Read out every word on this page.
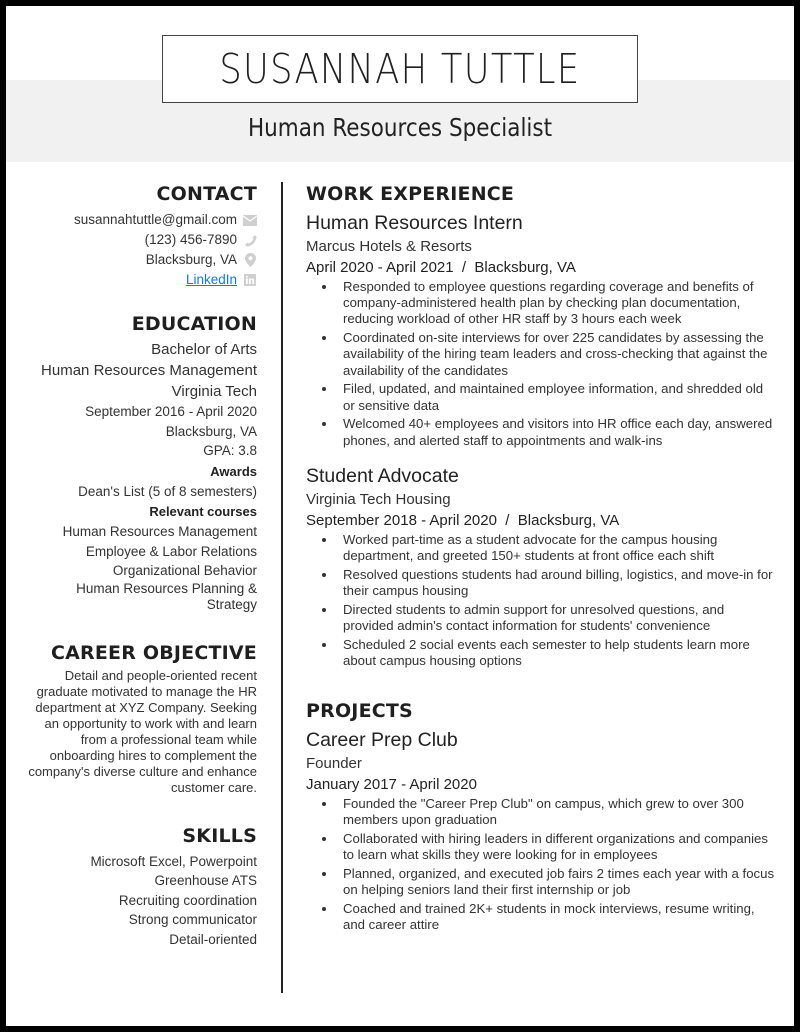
SUSANNAH TUTTLE
Human Resources Specialist
CONTACT
susannahtuttle@gmail.com
(123) 456-7890
Blacksburg, VA
LinkedIn
EDUCATION
Bachelor of Arts
Human Resources Management
Virginia Tech
September 2016 - April 2020
Blacksburg, VA
GPA: 3.8
Awards
Dean's List (5 of 8 semesters)
Relevant courses
Human Resources Management
Employee & Labor Relations
Organizational Behavior
Human Resources Planning & Strategy
CAREER OBJECTIVE
Detail and people-oriented recent graduate motivated to manage the HR department at XYZ Company. Seeking an opportunity to work with and learn from a professional team while onboarding hires to complement the company's diverse culture and enhance customer care.
SKILLS
Microsoft Excel, Powerpoint
Greenhouse ATS
Recruiting coordination
Strong communicator
Detail-oriented
WORK EXPERIENCE
Human Resources Intern
Marcus Hotels & Resorts
April 2020 - April 2021  /  Blacksburg, VA
• Responded to employee questions regarding coverage and benefits of company-administered health plan by checking plan documentation, reducing workload of other HR staff by 3 hours each week
• Coordinated on-site interviews for over 225 candidates by assessing the availability of the hiring team leaders and cross-checking that against the availability of the candidates
• Filed, updated, and maintained employee information, and shredded old or sensitive data
• Welcomed 40+ employees and visitors into HR office each day, answered phones, and alerted staff to appointments and walk-ins
Student Advocate
Virginia Tech Housing
September 2018 - April 2020  /  Blacksburg, VA
• Worked part-time as a student advocate for the campus housing department, and greeted 150+ students at front office each shift
• Resolved questions students had around billing, logistics, and move-in for their campus housing
• Directed students to admin support for unresolved questions, and provided admin's contact information for students' convenience
• Scheduled 2 social events each semester to help students learn more about campus housing options
PROJECTS
Career Prep Club
Founder
January 2017 - April 2020
• Founded the "Career Prep Club" on campus, which grew to over 300 members upon graduation
• Collaborated with hiring leaders in different organizations and companies to learn what skills they were looking for in employees
• Planned, organized, and executed job fairs 2 times each year with a focus on helping seniors land their first internship or job
• Coached and trained 2K+ students in mock interviews, resume writing, and career attire
